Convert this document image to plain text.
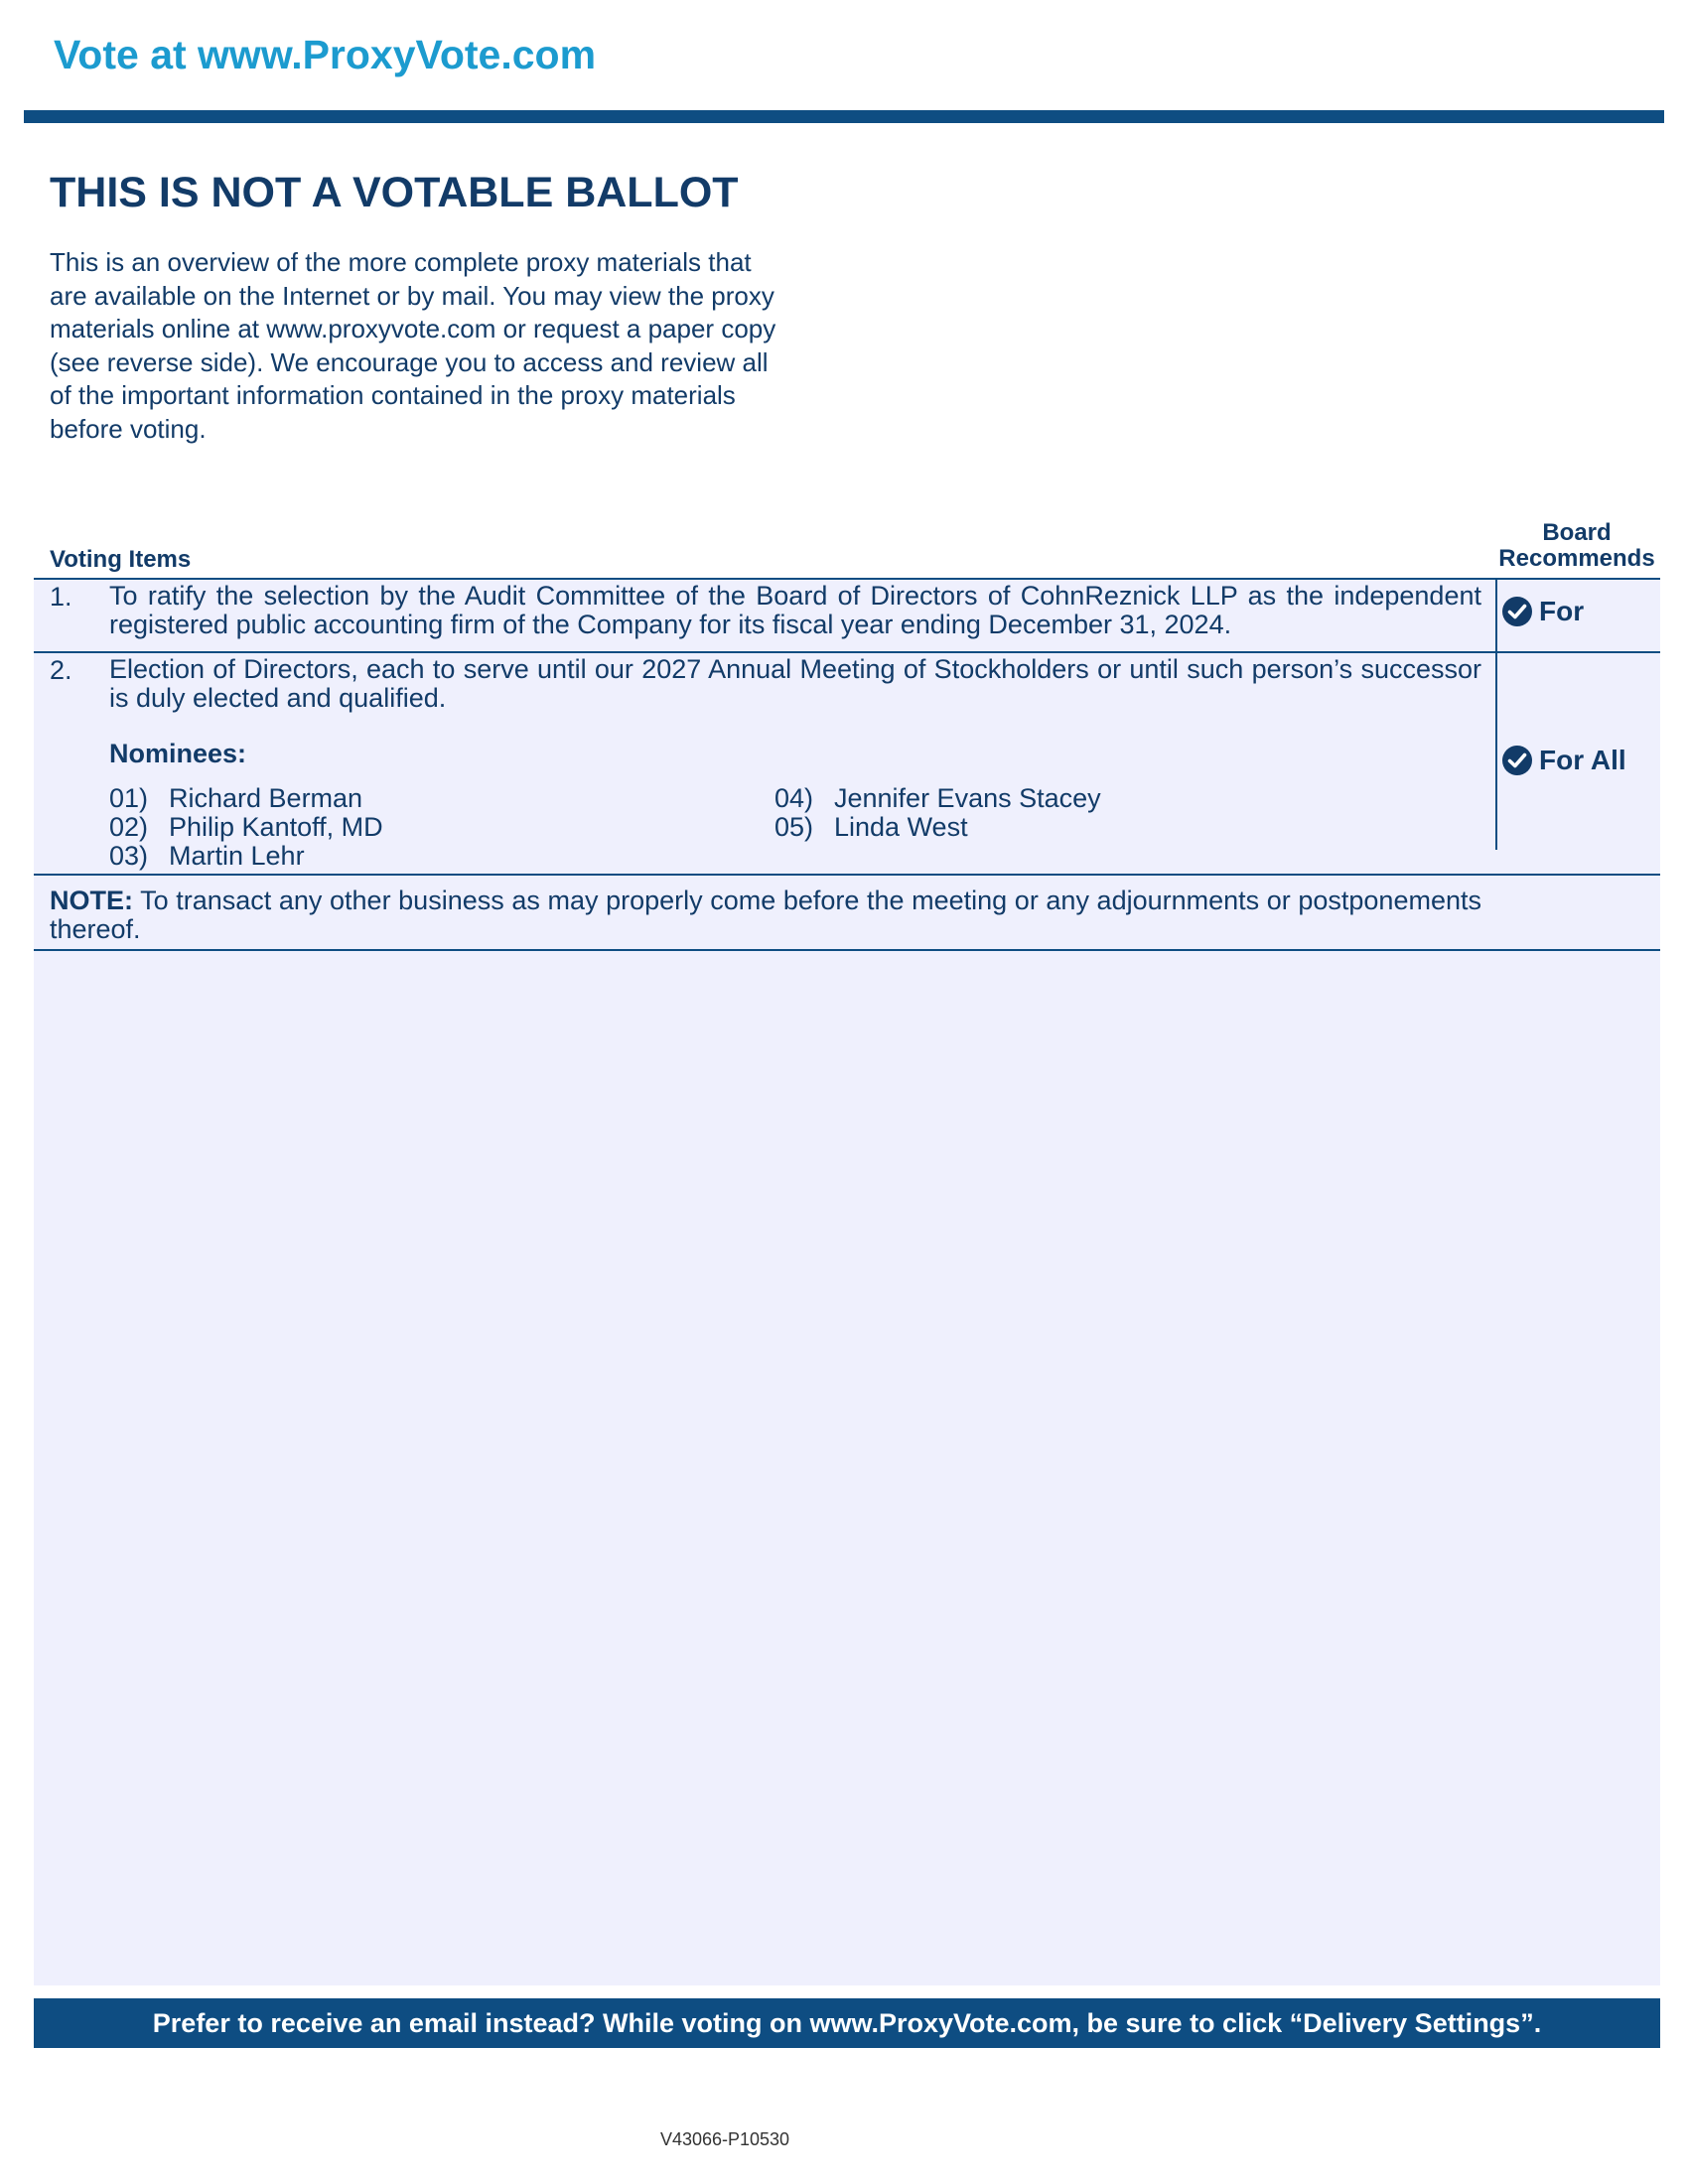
Vote at www.ProxyVote.com
THIS IS NOT A VOTABLE BALLOT
This is an overview of the more complete proxy materials that
are available on the Internet or by mail. You may view the proxy
materials online at www.proxyvote.com or request a paper copy
(see reverse side). We encourage you to access and review all
of the important information contained in the proxy materials
before voting.
Voting Items
Board
Recommends
1. To ratify the selection by the Audit Committee of the Board of Directors of CohnReznick LLP as the independent registered public accounting firm of the Company for its fiscal year ending December 31, 2024.	For
2. Election of Directors, each to serve until our 2027 Annual Meeting of Stockholders or until such person’s successor is duly elected and qualified.
For All
Nominees:
01) Richard Berman
02) Philip Kantoff, MD
03) Martin Lehr
04) Jennifer Evans Stacey
05) Linda West
NOTE: To transact any other business as may properly come before the meeting or any adjournments or postponements thereof.
Prefer to receive an email instead? While voting on www.ProxyVote.com, be sure to click “Delivery Settings”.
V43066-P10530
